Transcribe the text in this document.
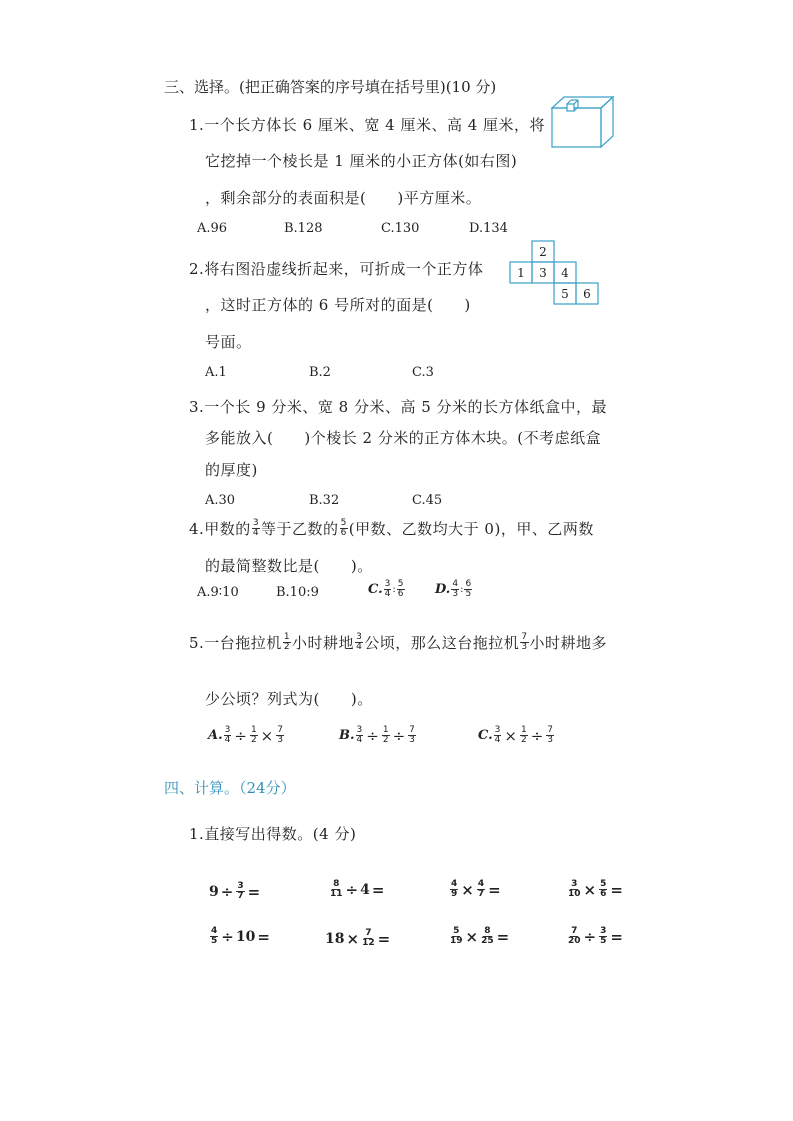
三、选择。(把正确答案的序号填在括号里)(10 分)
1.一个长方体长 6 厘米、宽 4 厘米、高 4 厘米，将
它挖掉一个棱长是 1 厘米的小正方体(如右图)
，剩余部分的表面积是(　　)平方厘米。
A.96	B.128	C.130	D.134
2.将右图沿虚线折起来，可折成一个正方体
，这时正方体的 6 号所对的面是(　　)
号面。
A.1	B.2	C.3
2
1 3 4
5 6
3.一个长 9 分米、宽 8 分米、高 5 分米的长方体纸盒中，最
多能放入(　　)个棱长 2 分米的正方体木块。(不考虑纸盒
的厚度)
A.30	B.32	C.45
4.甲数的 $\frac{3}{4}$ 等于乙数的 $\frac{5}{6}$ (甲数、乙数均大于 0)，甲、乙两数
的最简整数比是(　　)。
A.9∶10	B.10:9	C. $\frac{3}{4}$ : $\frac{5}{6} D$. $\frac{4}{3}$ : $\frac{6}{5}$
5.一台拖拉机 $\frac{1}{2}$ 小时耕地 $\frac{3}{4}$ 公顷，那么这台拖拉机 $\frac{7}{3}$ 小时耕地多
少公顷？列式为(　　)。
A. $\frac{3}{4} \div \frac{1}{2} \times \frac{7}{3}$	B. $\frac{3}{4} \div \frac{1}{2} \div \frac{7}{3}$	C. $\frac{3}{4} \times \frac{1}{2} \div \frac{7}{3}$
四、计算。（24分）
1.直接写出得数。(4 分)
$9 \div \frac{3}{7}$ =	$\frac{8}{11} \div 4$ =	$\frac{4}{9} \times \frac{4}{7}$ =	$\frac{3}{10} \times \frac{5}{6}$ =
$\frac{4}{5} \div 10$ =	$18 \times \frac{7}{12}$ =	$\frac{5}{19} \times \frac{8}{25}$ =	$\frac{7}{20} \div \frac{3}{5}$ =
